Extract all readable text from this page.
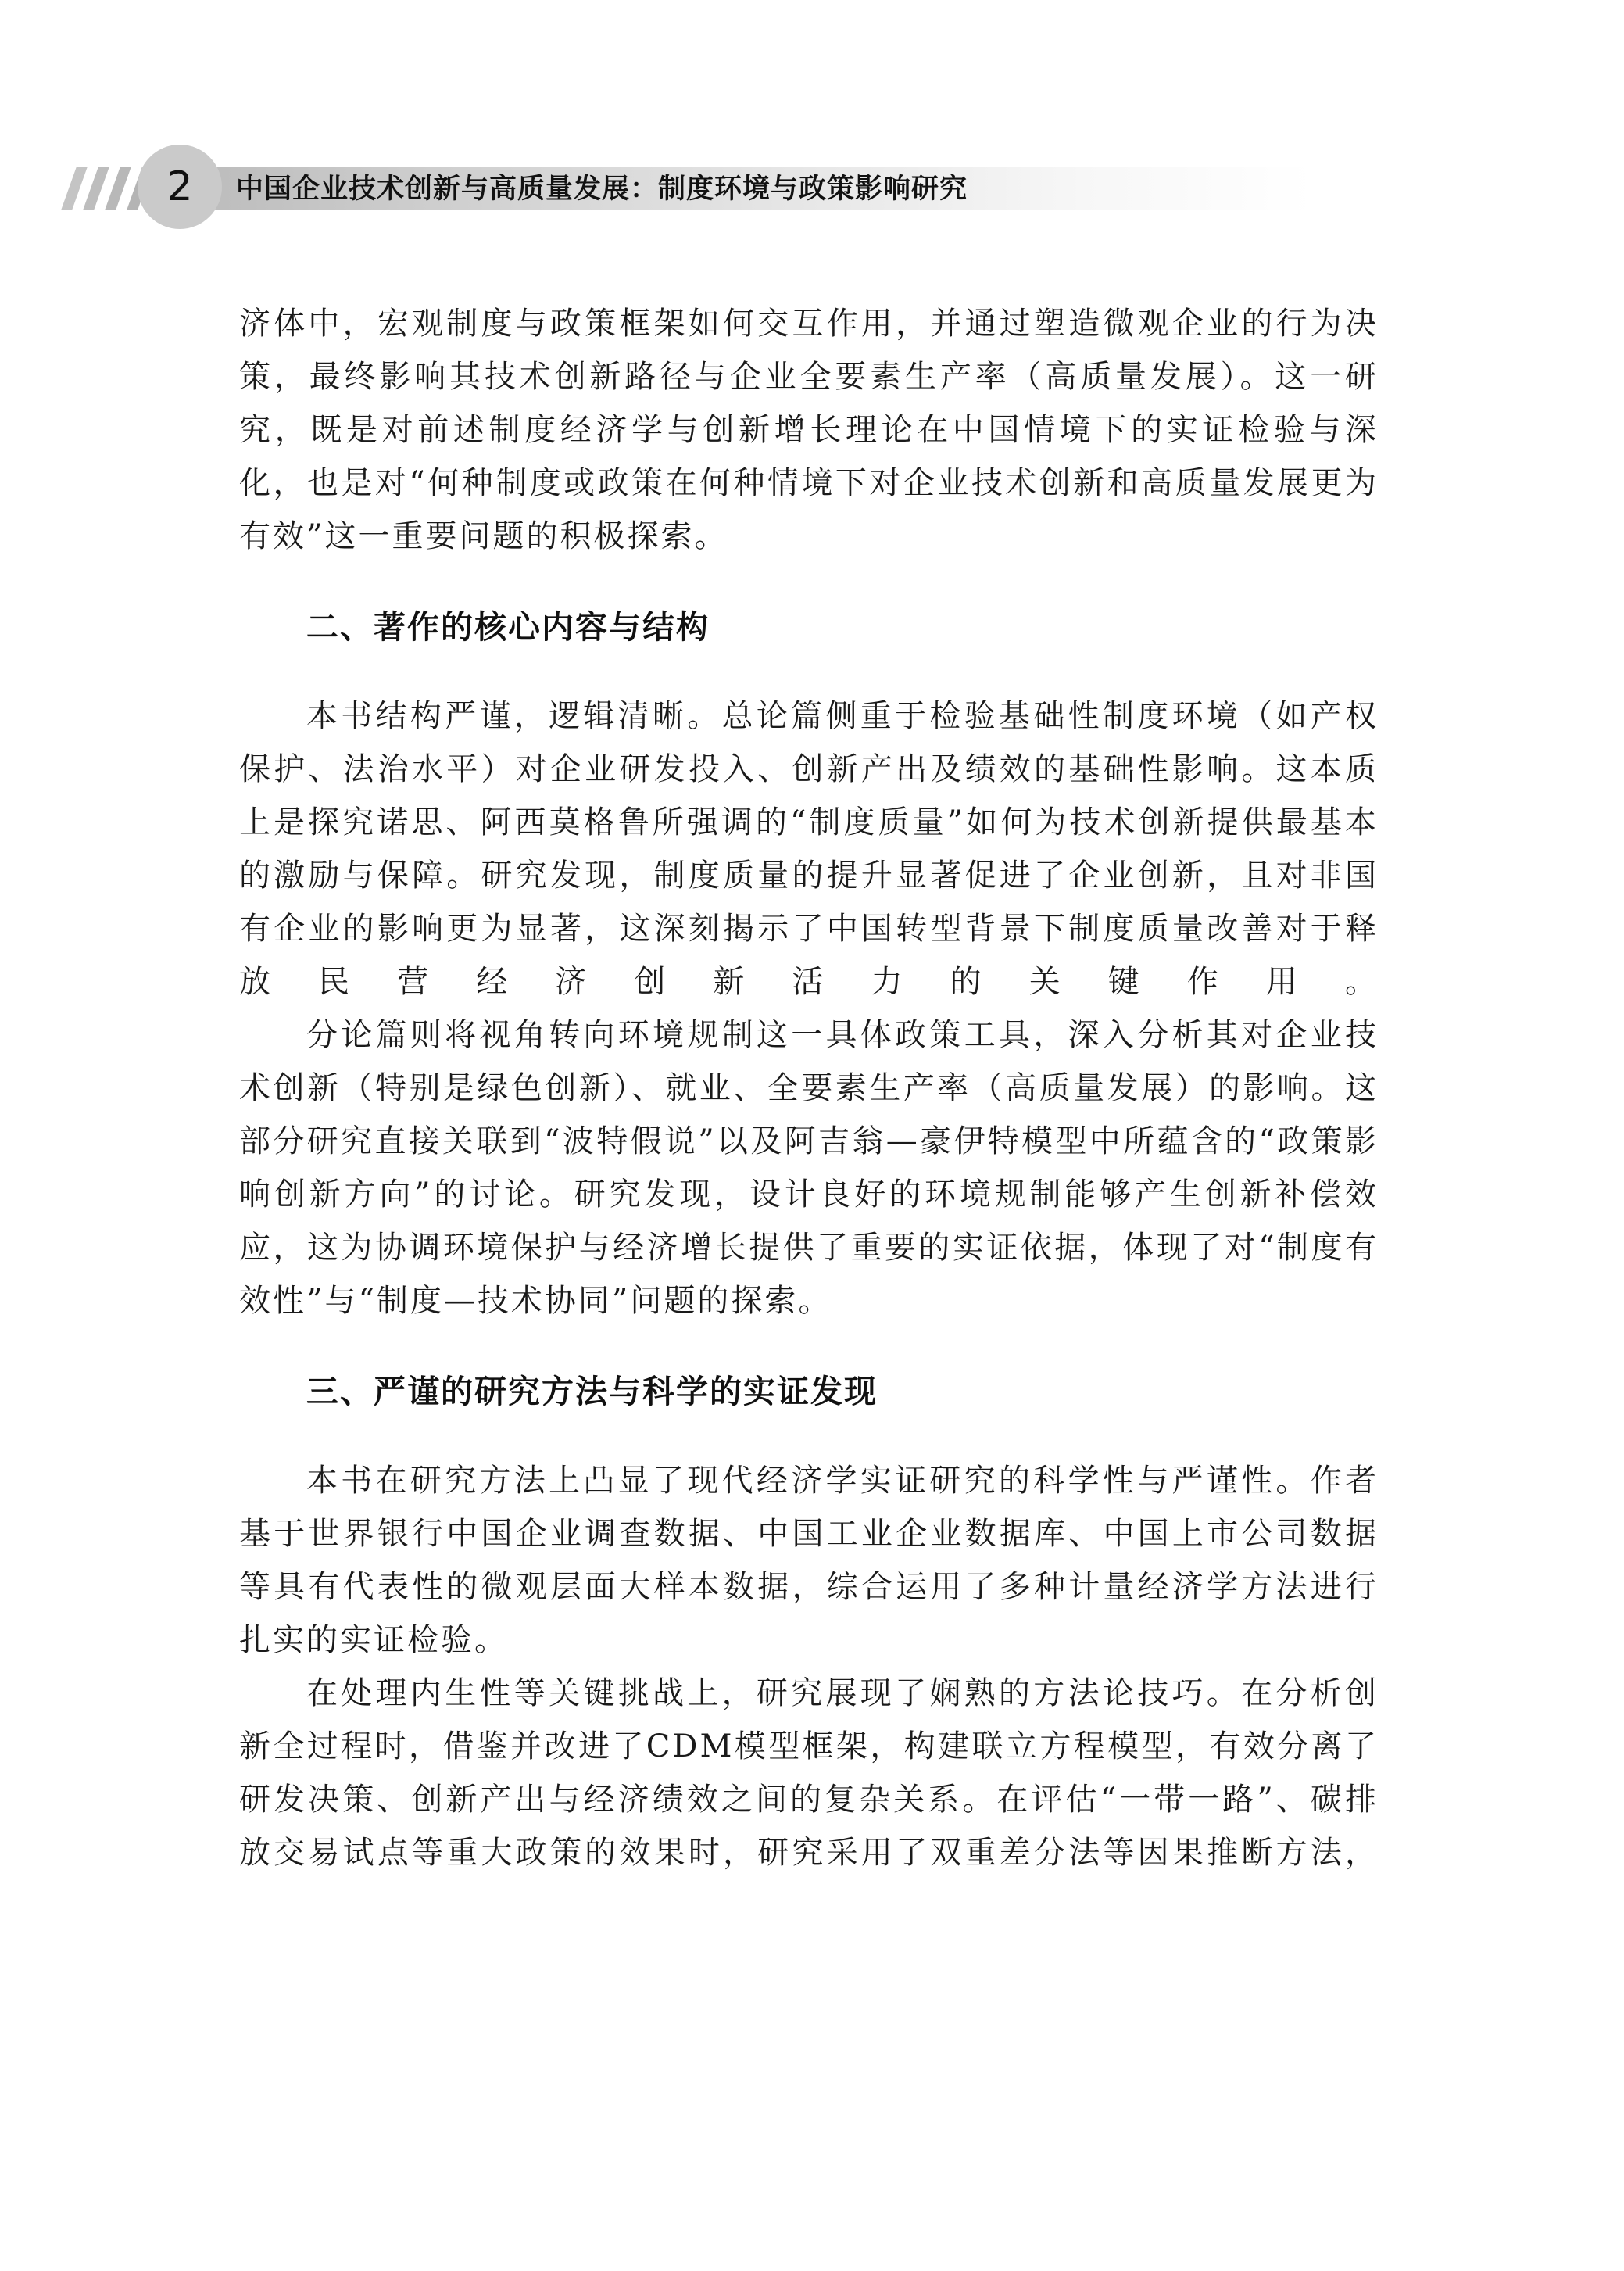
2	中国企业技术创新与高质量发展：制度环境与政策影响研究

济体中，宏观制度与政策框架如何交互作用，并通过塑造微观企业的行为决策，最终影响其技术创新路径与企业全要素生产率（高质量发展）。这一研究，既是对前述制度经济学与创新增长理论在中国情境下的实证检验与深化，也是对“何种制度或政策在何种情境下对企业技术创新和高质量发展更为有效”这一重要问题的积极探索。

二、著作的核心内容与结构

本书结构严谨，逻辑清晰。总论篇侧重于检验基础性制度环境（如产权保护、法治水平）对企业研发投入、创新产出及绩效的基础性影响。这本质上是探究诺思、阿西莫格鲁所强调的“制度质量”如何为技术创新提供最基本的激励与保障。研究发现，制度质量的提升显著促进了企业创新，且对非国有企业的影响更为显著，这深刻揭示了中国转型背景下制度质量改善对于释放民营经济创新活力的关键作用。

分论篇则将视角转向环境规制这一具体政策工具，深入分析其对企业技术创新（特别是绿色创新）、就业、全要素生产率（高质量发展）的影响。这部分研究直接关联到“波特假说”以及阿吉翁—豪伊特模型中所蕴含的“政策影响创新方向”的讨论。研究发现，设计良好的环境规制能够产生创新补偿效应，这为协调环境保护与经济增长提供了重要的实证依据，体现了对“制度有效性”与“制度—技术协同”问题的探索。

三、严谨的研究方法与科学的实证发现

本书在研究方法上凸显了现代经济学实证研究的科学性与严谨性。作者基于世界银行中国企业调查数据、中国工业企业数据库、中国上市公司数据等具有代表性的微观层面大样本数据，综合运用了多种计量经济学方法进行扎实的实证检验。

在处理内生性等关键挑战上，研究展现了娴熟的方法论技巧。在分析创新全过程时，借鉴并改进了CDM模型框架，构建联立方程模型，有效分离了研发决策、创新产出与经济绩效之间的复杂关系。在评估“一带一路”、碳排放交易试点等重大政策的效果时，研究采用了双重差分法等因果推断方法，
